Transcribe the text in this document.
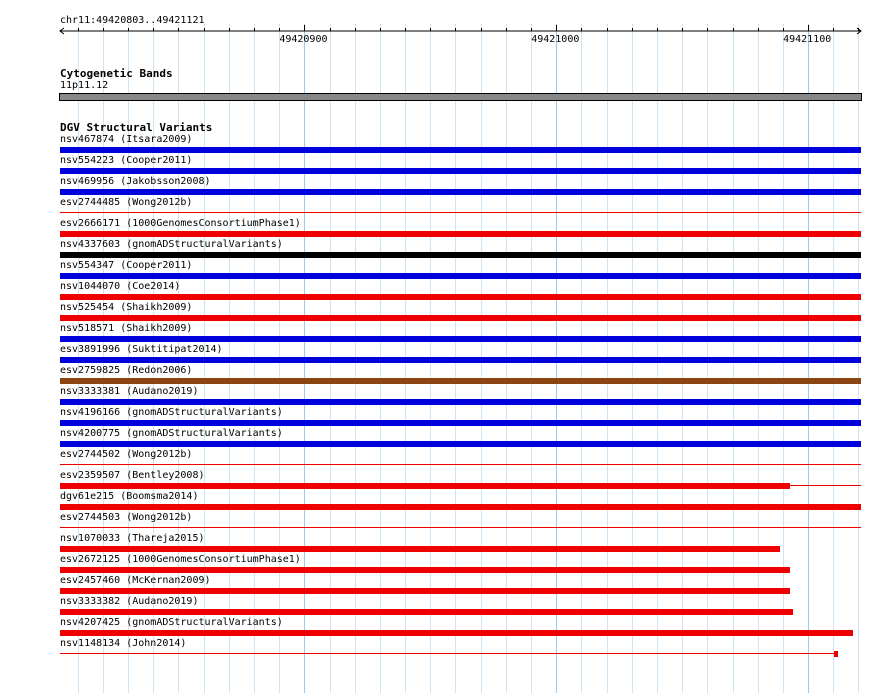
chr11:49420803..49421121
49420900	49421000	49421100
Cytogenetic Bands
11p11.12
DGV Structural Variants
nsv467874 (Itsara2009)
nsv554223 (Cooper2011)
nsv469956 (Jakobsson2008)
esv2744485 (Wong2012b)
esv2666171 (1000GenomesConsortiumPhase1)
nsv4337603 (gnomADStructuralVariants)
nsv554347 (Cooper2011)
nsv1044070 (Coe2014)
nsv525454 (Shaikh2009)
nsv518571 (Shaikh2009)
esv3891996 (Suktitipat2014)
esv2759825 (Redon2006)
nsv3333381 (Audano2019)
nsv4196166 (gnomADStructuralVariants)
nsv4200775 (gnomADStructuralVariants)
esv2744502 (Wong2012b)
esv2359507 (Bentley2008)
dgv61e215 (Boomsma2014)
esv2744503 (Wong2012b)
nsv1070033 (Thareja2015)
esv2672125 (1000GenomesConsortiumPhase1)
esv2457460 (McKernan2009)
nsv3333382 (Audano2019)
nsv4207425 (gnomADStructuralVariants)
nsv1148134 (John2014)
